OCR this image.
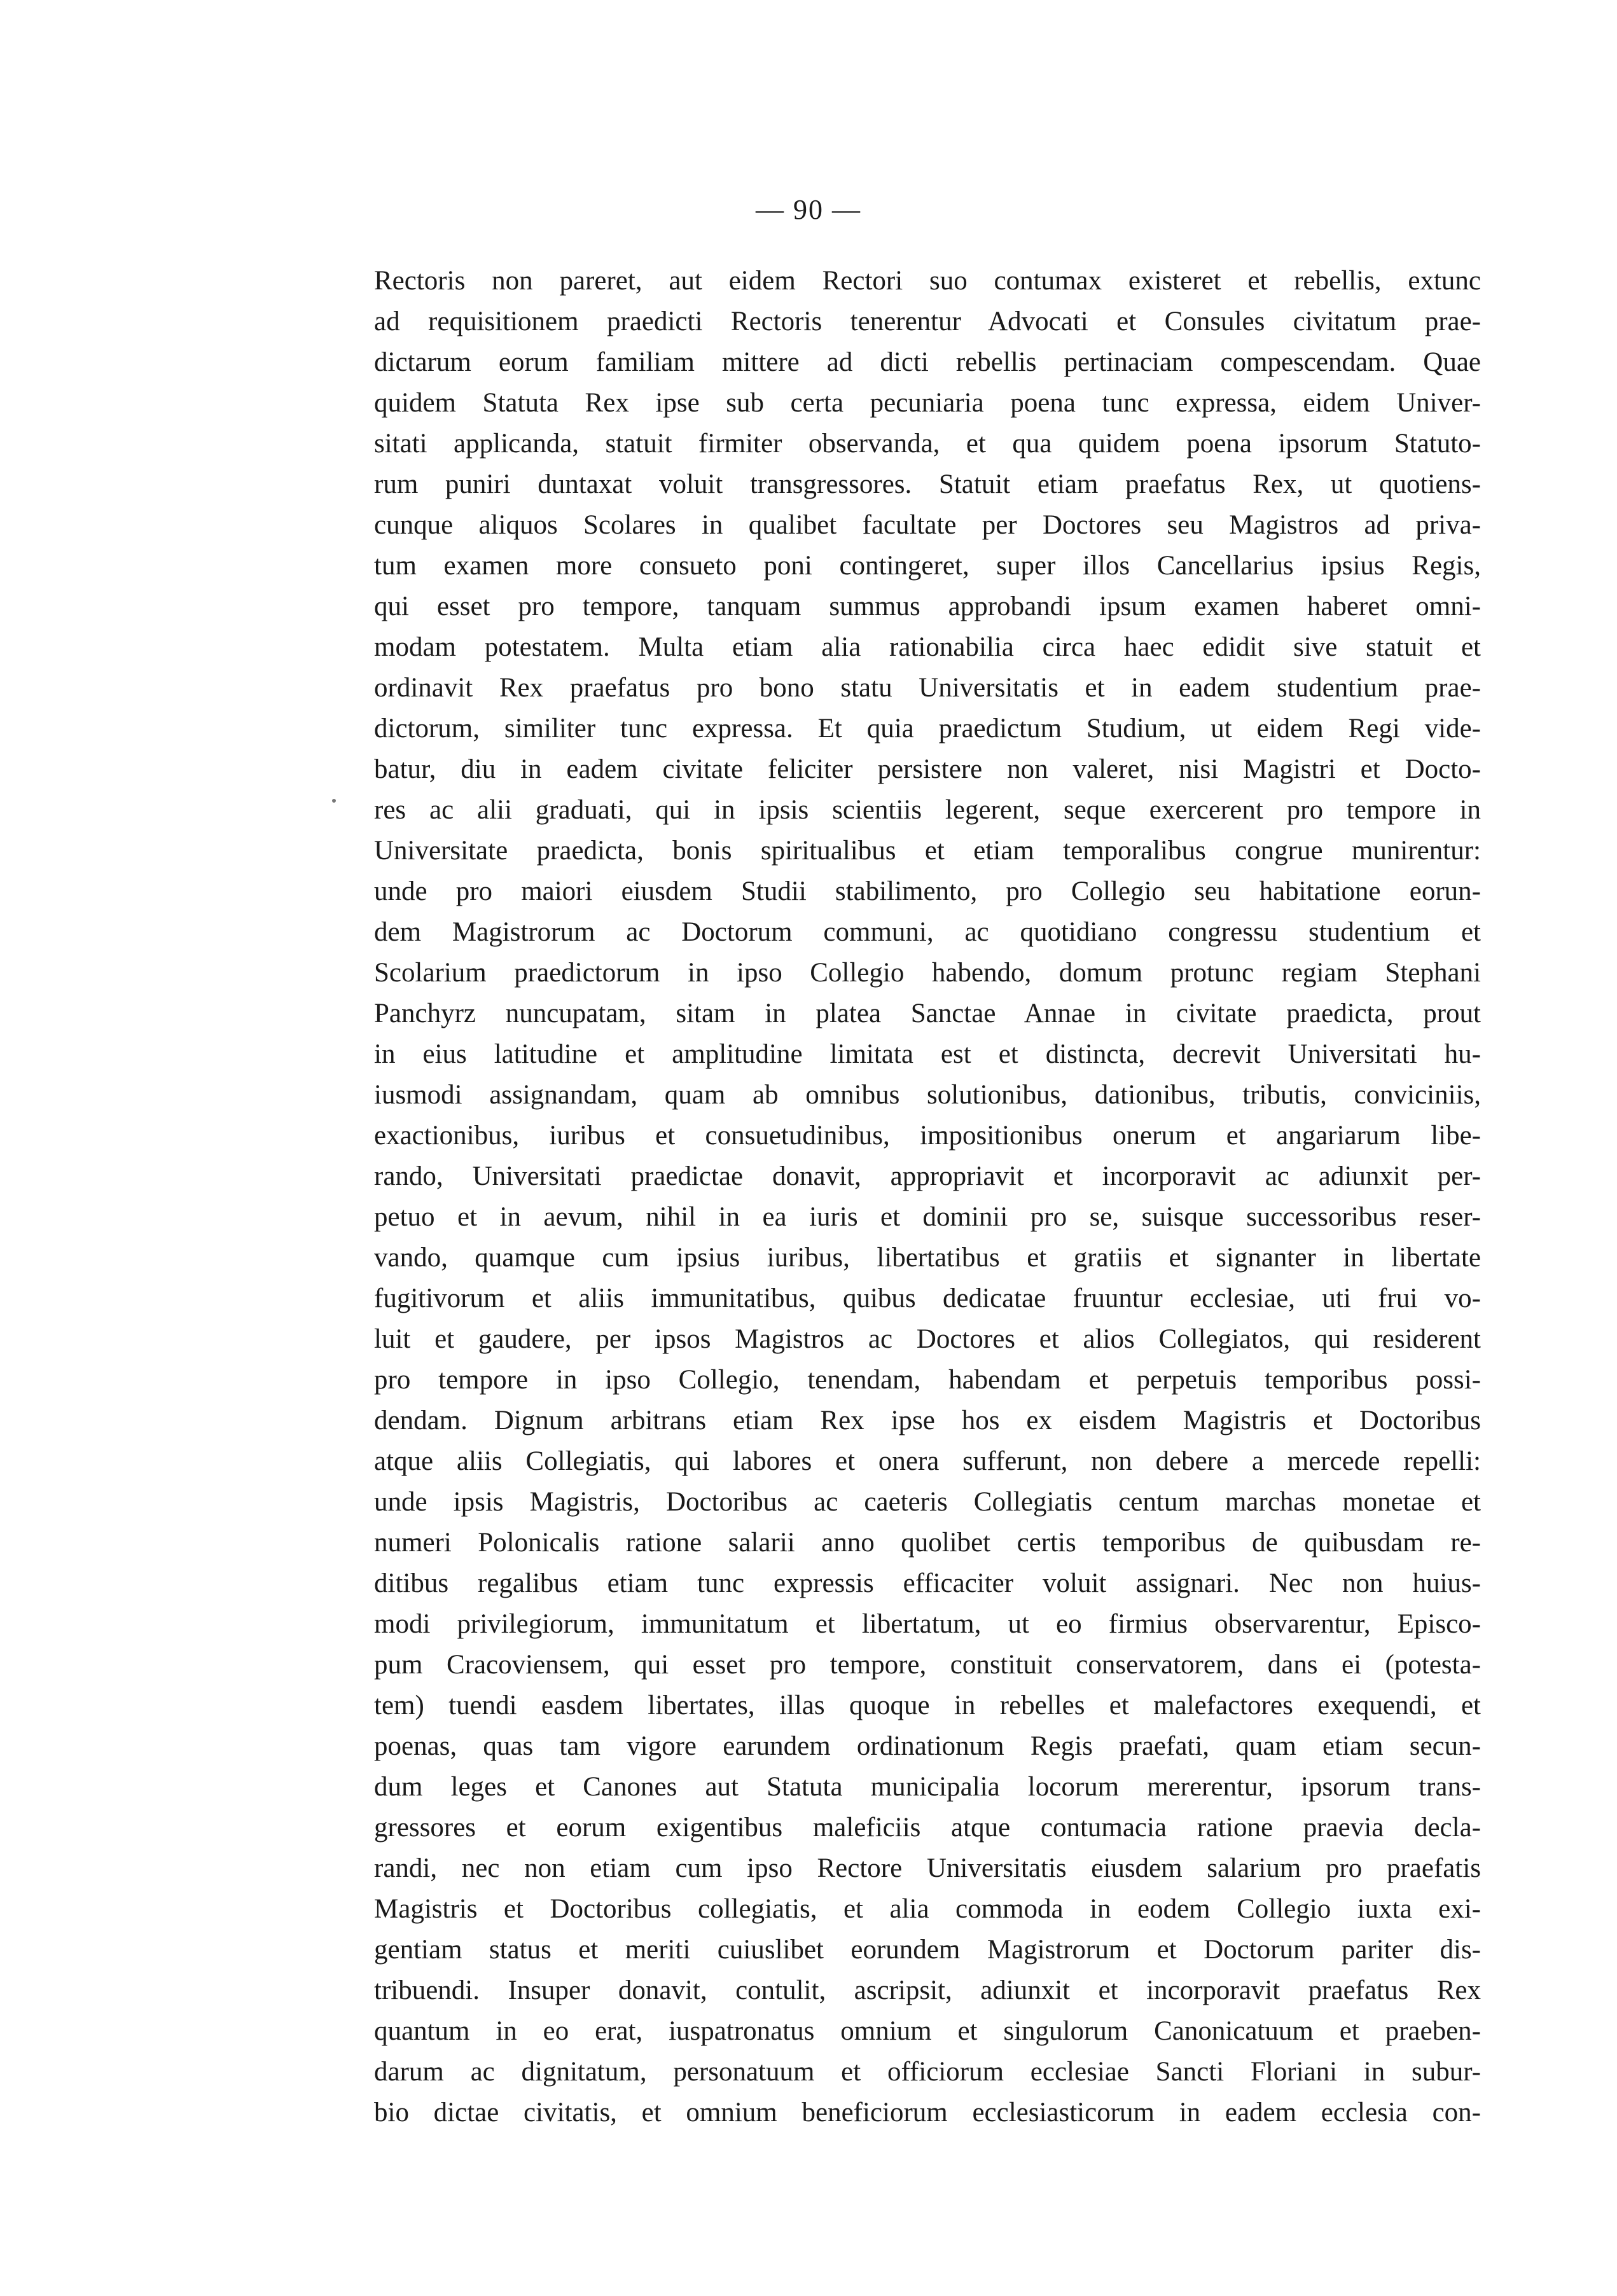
— 90 —
Rectoris non pareret, aut eidem Rectori suo contumax existeret et rebellis, extunc
ad requisitionem praedicti Rectoris tenerentur Advocati et Consules civitatum prae-
dictarum eorum familiam mittere ad dicti rebellis pertinaciam compescendam. Quae
quidem Statuta Rex ipse sub certa pecuniaria poena tunc expressa, eidem Univer-
sitati applicanda, statuit firmiter observanda, et qua quidem poena ipsorum Statuto-
rum puniri duntaxat voluit transgressores. Statuit etiam praefatus Rex, ut quotiens-
cunque aliquos Scolares in qualibet facultate per Doctores seu Magistros ad priva-
tum examen more consueto poni contingeret, super illos Cancellarius ipsius Regis,
qui esset pro tempore, tanquam summus approbandi ipsum examen haberet omni-
modam potestatem. Multa etiam alia rationabilia circa haec edidit sive statuit et
ordinavit Rex praefatus pro bono statu Universitatis et in eadem studentium prae-
dictorum, similiter tunc expressa. Et quia praedictum Studium, ut eidem Regi vide-
batur, diu in eadem civitate feliciter persistere non valeret, nisi Magistri et Docto-
res ac alii graduati, qui in ipsis scientiis legerent, seque exercerent pro tempore in
Universitate praedicta, bonis spiritualibus et etiam temporalibus congrue munirentur:
unde pro maiori eiusdem Studii stabilimento, pro Collegio seu habitatione eorun-
dem Magistrorum ac Doctorum communi, ac quotidiano congressu studentium et
Scolarium praedictorum in ipso Collegio habendo, domum protunc regiam Stephani
Panchyrz nuncupatam, sitam in platea Sanctae Annae in civitate praedicta, prout
in eius latitudine et amplitudine limitata est et distincta, decrevit Universitati hu-
iusmodi assignandam, quam ab omnibus solutionibus, dationibus, tributis, conviciniis,
exactionibus, iuribus et consuetudinibus, impositionibus onerum et angariarum libe-
rando, Universitati praedictae donavit, appropriavit et incorporavit ac adiunxit per-
petuo et in aevum, nihil in ea iuris et dominii pro se, suisque successoribus reser-
vando, quamque cum ipsius iuribus, libertatibus et gratiis et signanter in libertate
fugitivorum et aliis immunitatibus, quibus dedicatae fruuntur ecclesiae, uti frui vo-
luit et gaudere, per ipsos Magistros ac Doctores et alios Collegiatos, qui residerent
pro tempore in ipso Collegio, tenendam, habendam et perpetuis temporibus possi-
dendam. Dignum arbitrans etiam Rex ipse hos ex eisdem Magistris et Doctoribus
atque aliis Collegiatis, qui labores et onera sufferunt, non debere a mercede repelli:
unde ipsis Magistris, Doctoribus ac caeteris Collegiatis centum marchas monetae et
numeri Polonicalis ratione salarii anno quolibet certis temporibus de quibusdam re-
ditibus regalibus etiam tunc expressis efficaciter voluit assignari. Nec non huius-
modi privilegiorum, immunitatum et libertatum, ut eo firmius observarentur, Episco-
pum Cracoviensem, qui esset pro tempore, constituit conservatorem, dans ei (potesta-
tem) tuendi easdem libertates, illas quoque in rebelles et malefactores exequendi, et
poenas, quas tam vigore earundem ordinationum Regis praefati, quam etiam secun-
dum leges et Canones aut Statuta municipalia locorum mererentur, ipsorum trans-
gressores et eorum exigentibus maleficiis atque contumacia ratione praevia decla-
randi, nec non etiam cum ipso Rectore Universitatis eiusdem salarium pro praefatis
Magistris et Doctoribus collegiatis, et alia commoda in eodem Collegio iuxta exi-
gentiam status et meriti cuiuslibet eorundem Magistrorum et Doctorum pariter dis-
tribuendi. Insuper donavit, contulit, ascripsit, adiunxit et incorporavit praefatus Rex
quantum in eo erat, iuspatronatus omnium et singulorum Canonicatuum et praeben-
darum ac dignitatum, personatuum et officiorum ecclesiae Sancti Floriani in subur-
bio dictae civitatis, et omnium beneficiorum ecclesiasticorum in eadem ecclesia con-
